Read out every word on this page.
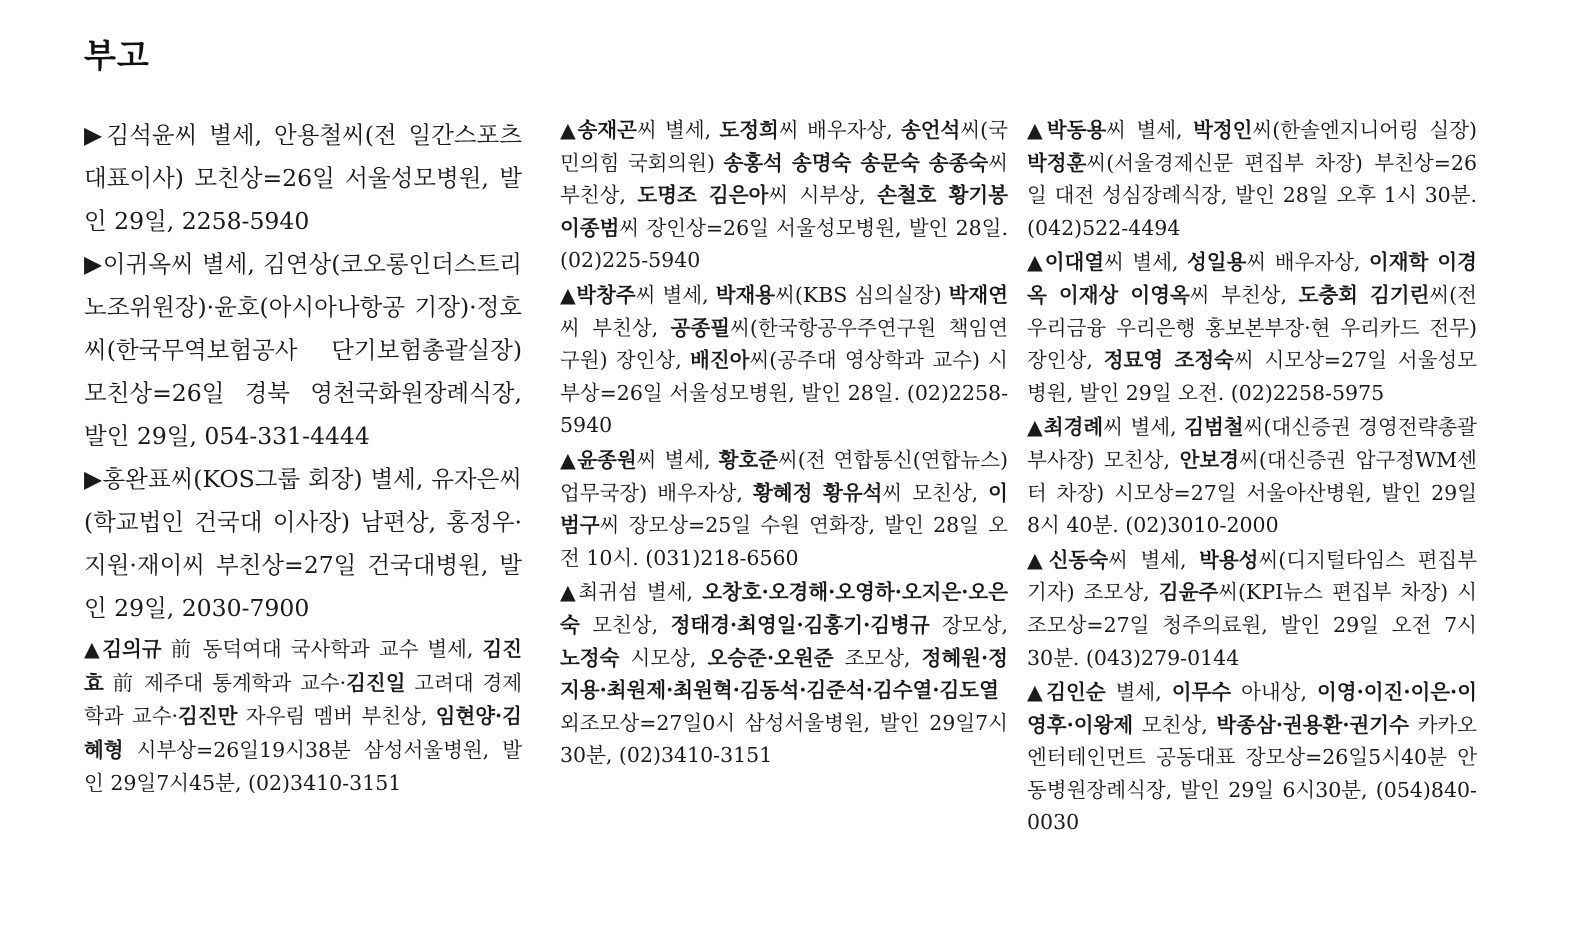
부고

▶김석윤씨 별세, 안용철씨(전 일간스포츠 대표이사) 모친상=26일 서울성모병원, 발인 29일, 2258-5940

▶이귀옥씨 별세, 김연상(코오롱인더스트리 노조위원장)·윤호(아시아나항공 기장)·정호씨(한국무역보험공사 단기보험총괄실장) 모친상=26일 경북 영천국화원장례식장, 발인 29일, 054-331-4444

▶홍완표씨(KOS그룹 회장) 별세, 유자은씨(학교법인 건국대 이사장) 남편상, 홍정우·지원·재이씨 부친상=27일 건국대병원, 발인 29일, 2030-7900

▲김의규 前 동덕여대 국사학과 교수 별세, 김진효 前 제주대 통계학과 교수·김진일 고려대 경제학과 교수·김진만 자우림 멤버 부친상, 임현양·김혜형 시부상=26일19시38분 삼성서울병원, 발인 29일7시45분, (02)3410-3151

▲송재곤씨 별세, 도정희씨 배우자상, 송언석씨(국민의힘 국회의원) 송홍석 송명숙 송문숙 송종숙씨 부친상, 도명조 김은아씨 시부상, 손철호 황기봉 이종범씨 장인상=26일 서울성모병원, 발인 28일. (02)225-5940

▲박창주씨 별세, 박재용씨(KBS 심의실장) 박재연씨 부친상, 공종필씨(한국항공우주연구원 책임연구원) 장인상, 배진아씨(공주대 영상학과 교수) 시부상=26일 서울성모병원, 발인 28일. (02)2258-5940

▲윤종원씨 별세, 황호준씨(전 연합통신(연합뉴스) 업무국장) 배우자상, 황혜정 황유석씨 모친상, 이범구씨 장모상=25일 수원 연화장, 발인 28일 오전 10시. (031)218-6560

▲최귀섬 별세, 오창호·오경해·오영하·오지은·오은숙 모친상, 정태경·최영일·김홍기·김병규 장모상, 노정숙 시모상, 오승준·오원준 조모상, 정혜원·정지용·최원제·최원혁·김동석·김준석·김수열·김도열 외조모상=27일0시 삼성서울병원, 발인 29일7시30분, (02)3410-3151

▲박동용씨 별세, 박정인씨(한솔엔지니어링 실장) 박정훈씨(서울경제신문 편집부 차장) 부친상=26일 대전 성심장례식장, 발인 28일 오후 1시 30분. (042)522-4494

▲이대열씨 별세, 성일용씨 배우자상, 이재학 이경옥 이재상 이영옥씨 부친상, 도충회 김기린씨(전 우리금융 우리은행 홍보본부장·현 우리카드 전무) 장인상, 정묘영 조정숙씨 시모상=27일 서울성모병원, 발인 29일 오전. (02)2258-5975

▲최경례씨 별세, 김범철씨(대신증권 경영전략총괄 부사장) 모친상, 안보경씨(대신증권 압구정WM센터 차장) 시모상=27일 서울아산병원, 발인 29일 8시 40분. (02)3010-2000

▲신동숙씨 별세, 박용성씨(디지털타임스 편집부 기자) 조모상, 김윤주씨(KPI뉴스 편집부 차장) 시조모상=27일 청주의료원, 발인 29일 오전 7시 30분. (043)279-0144

▲김인순 별세, 이무수 아내상, 이영·이진·이은·이영후·이왕제 모친상, 박종삼·권용환·권기수 카카오엔터테인먼트 공동대표 장모상=26일5시40분 안동병원장례식장, 발인 29일 6시30분, (054)840-0030
